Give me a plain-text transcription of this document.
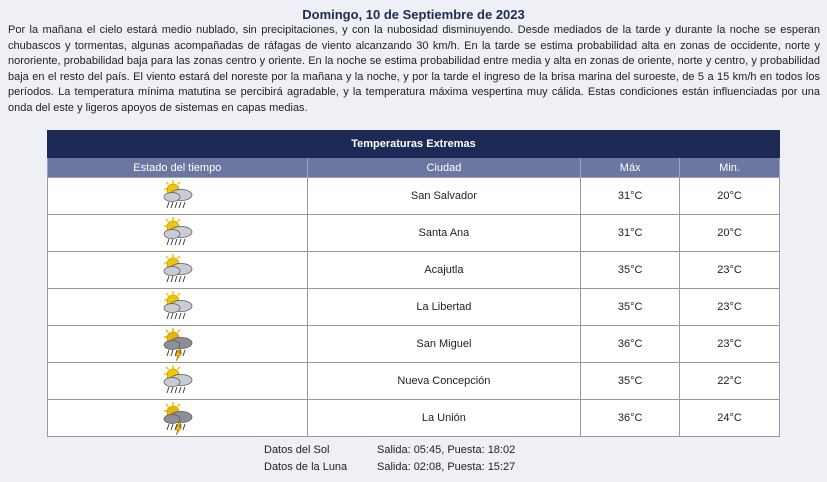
Domingo, 10 de Septiembre de 2023
Por la mañana el cielo estará medio nublado, sin precipitaciones, y con la nubosidad disminuyendo. Desde mediados de la tarde y durante la noche se esperan chubascos y tormentas, algunas acompañadas de ráfagas de viento alcanzando 30 km/h. En la tarde se estima probabilidad alta en zonas de occidente, norte y nororiente, probabilidad baja para las zonas centro y oriente. En la noche se estima probabilidad entre media y alta en zonas de oriente, norte y centro, y probabilidad baja en el resto del país. El viento estará del noreste por la mañana y la noche, y por la tarde el ingreso de la brisa marina del suroeste, de 5 a 15 km/h en todos los períodos. La temperatura mínima matutina se percibirá agradable, y la temperatura máxima vespertina muy cálida. Estas condiciones están influenciadas por una onda del este y ligeros apoyos de sistemas en capas medias.
Temperaturas Extremas			
Estado del tiempo	Ciudad	Máx	Min.

	San Salvador	31°C	20°C

	Santa Ana	31°C	20°C

	Acajutla	35°C	23°C

	La Libertad	35°C	23°C

	San Miguel	36°C	23°C

	Nueva Concepción	35°C	22°C

	La Unión	36°C	24°C
Datos del Sol	Salida: 05:45, Puesta: 18:02
Datos de la Luna	Salida: 02:08, Puesta: 15:27
